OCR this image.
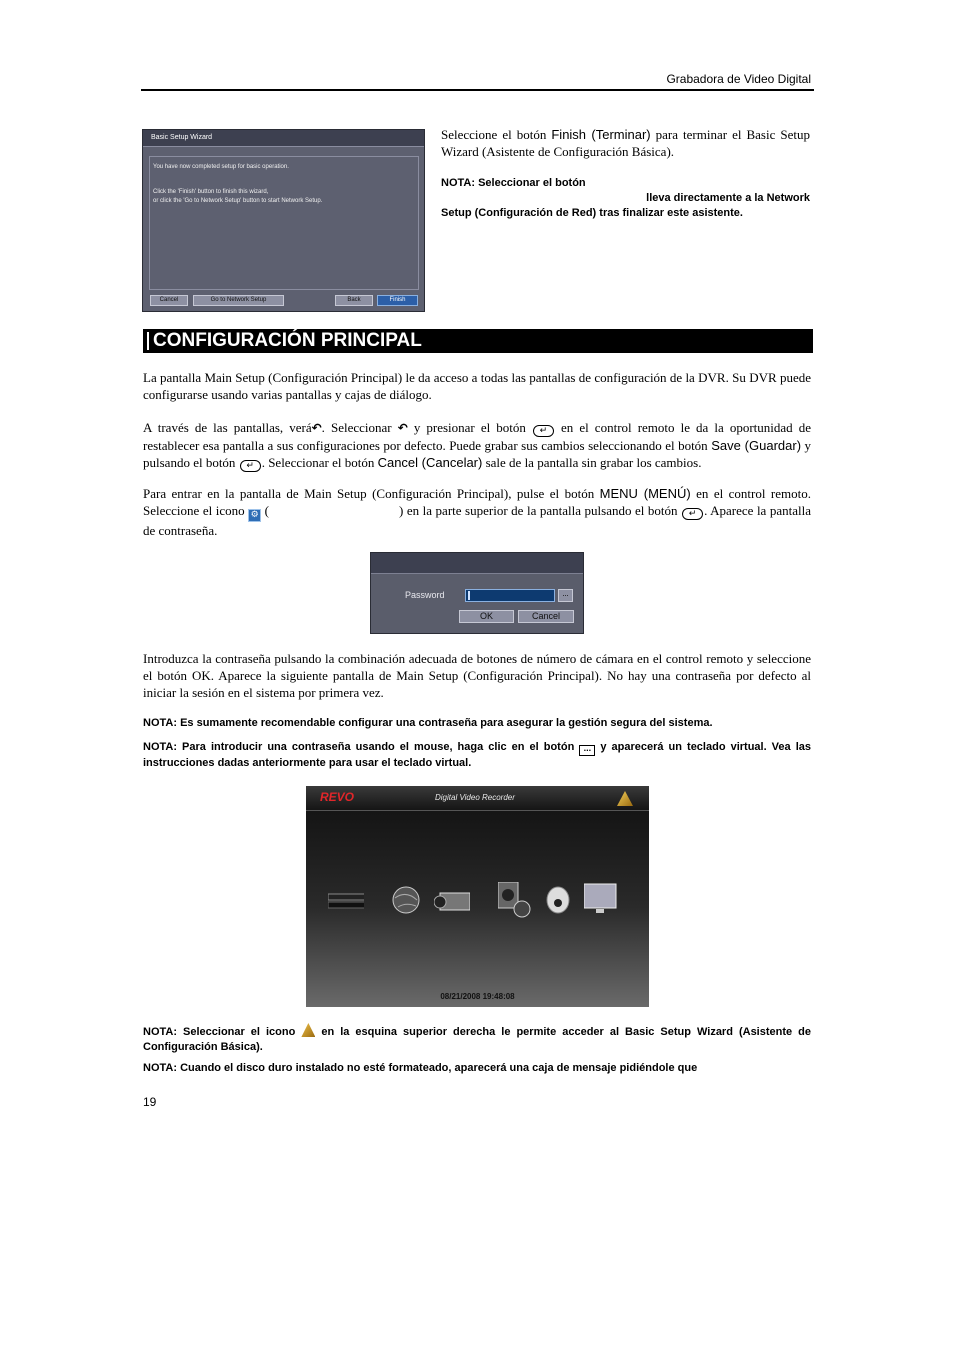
Grabadora de Video Digital
Basic Setup Wizard
You have now completed setup for basic operation.
Click the 'Finish' button to finish this wizard,
or click the 'Go to Network Setup' button to start Network Setup.
Cancel	Go to Network Setup	Back	Finish
Seleccione el botón Finish (Terminar) para terminar el Basic Setup Wizard (Asistente de Configuración Básica).
NOTA: Seleccionar el botón
lleva directamente a la Network
Setup (Configuración de Red) tras finalizar este asistente.
CONFIGURACIÓN PRINCIPAL
La pantalla Main Setup (Configuración Principal) le da acceso a todas las pantallas de configuración de la DVR. Su DVR puede configurarse usando varias pantallas y cajas de diálogo.
A través de las pantallas, verá↶. Seleccionar ↶ y presionar el botón ↵ en el control remoto le da la oportunidad de restablecer esa pantalla a sus configuraciones por defecto. Puede grabar sus cambios seleccionando el botón Save (Guardar) y pulsando el botón ↵ . Seleccionar el botón Cancel (Cancelar) sale de la pantalla sin grabar los cambios.
Para entrar en la pantalla de Main Setup (Configuración Principal), pulse el botón MENU (MENÚ) en el control remoto. Seleccione el icono ⚙ (	) en la parte superior de la pantalla pulsando el botón ↵ . Aparece la pantalla de contraseña.
Password	...
OK	Cancel
Introduzca la contraseña pulsando la combinación adecuada de botones de número de cámara en el control remoto y seleccione el botón OK. Aparece la siguiente pantalla de Main Setup (Configuración Principal). No hay una contraseña por defecto al iniciar la sesión en el sistema por primera vez.
NOTA: Es sumamente recomendable configurar una contraseña para asegurar la gestión segura del sistema.
NOTA: Para introducir una contraseña usando el mouse, haga clic en el botón ... y aparecerá un teclado virtual. Vea las instrucciones dadas anteriormente para usar el teclado virtual.
REVO	Digital Video Recorder
08/21/2008 19:48:08
NOTA: Seleccionar el icono  en la esquina superior derecha le permite acceder al Basic Setup Wizard (Asistente de Configuración Básica).
NOTA: Cuando el disco duro instalado no esté formateado, aparecerá una caja de mensaje pidiéndole que
19
